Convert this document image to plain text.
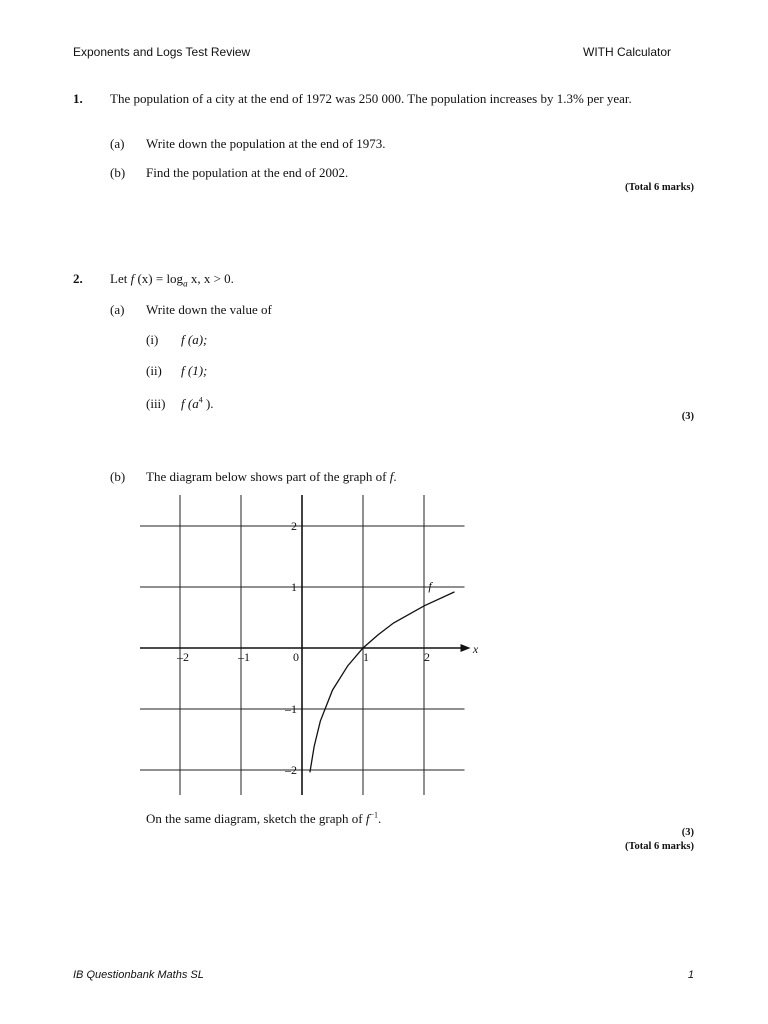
Exponents and Logs Test Review	WITH Calculator
1. The population of a city at the end of 1972 was 250 000. The population increases by 1.3% per year.
(a) Write down the population at the end of 1973.
(b) Find the population at the end of 2002.
(Total 6 marks)
2. Let f $(x) = \log_a x$, x > 0.
(a) Write down the value of
(i) f (a);
(ii) f (1);
(iii) f ($a^4$ ).
(3)
(b) The diagram below shows part of the graph of f.
–2	–1	0	1	2
2
1
–1
–2
x
f
On the same diagram, sketch the graph of $f^{-1}$.
(3)
(Total 6 marks)
IB Questionbank Maths SL	1
